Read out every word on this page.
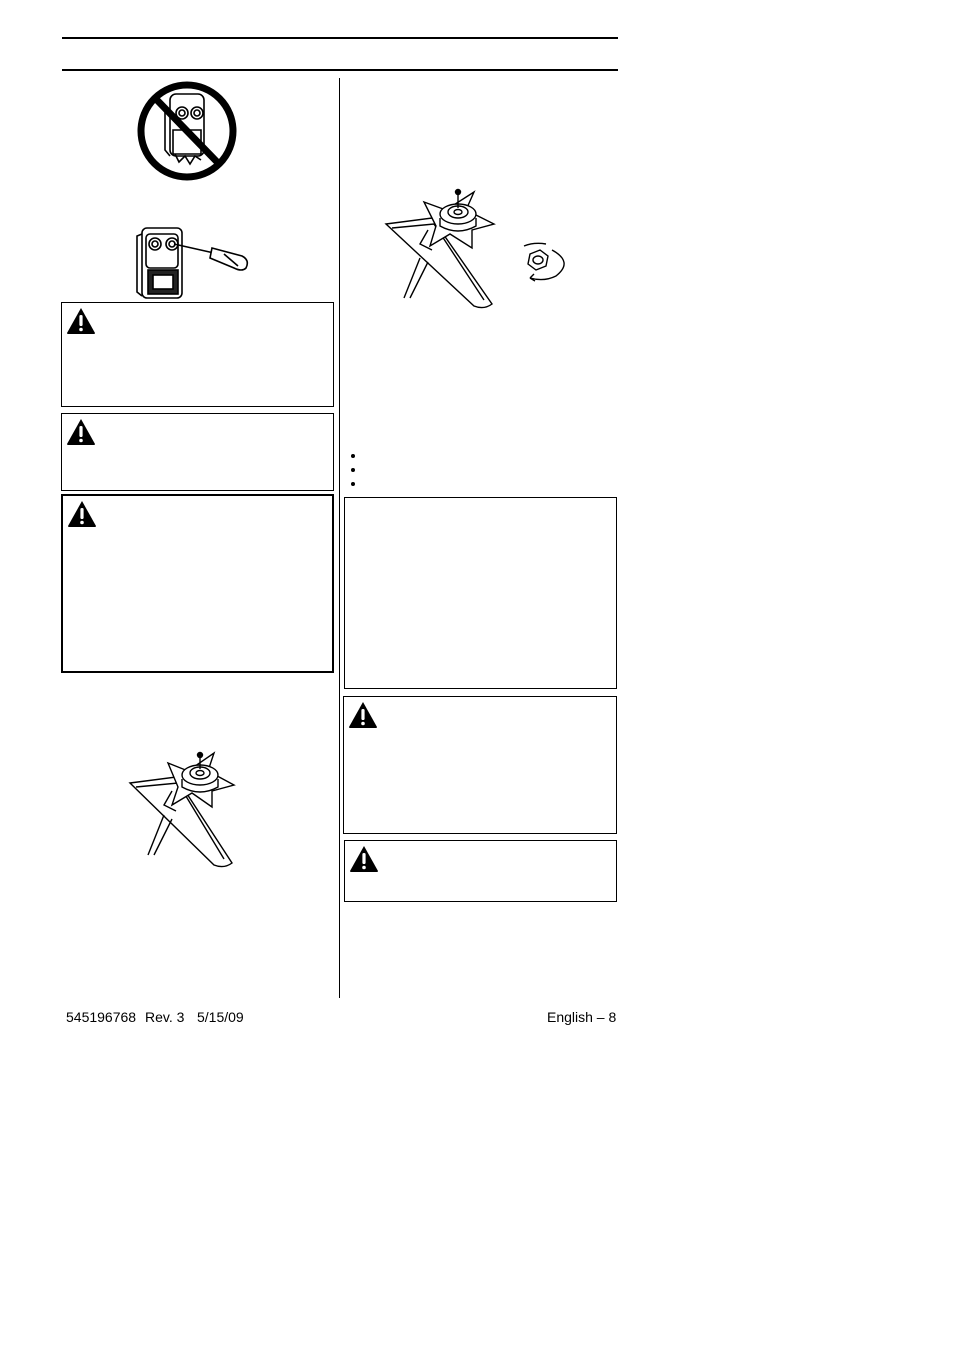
545196768 Rev. 3 5/15/09	English – 8
